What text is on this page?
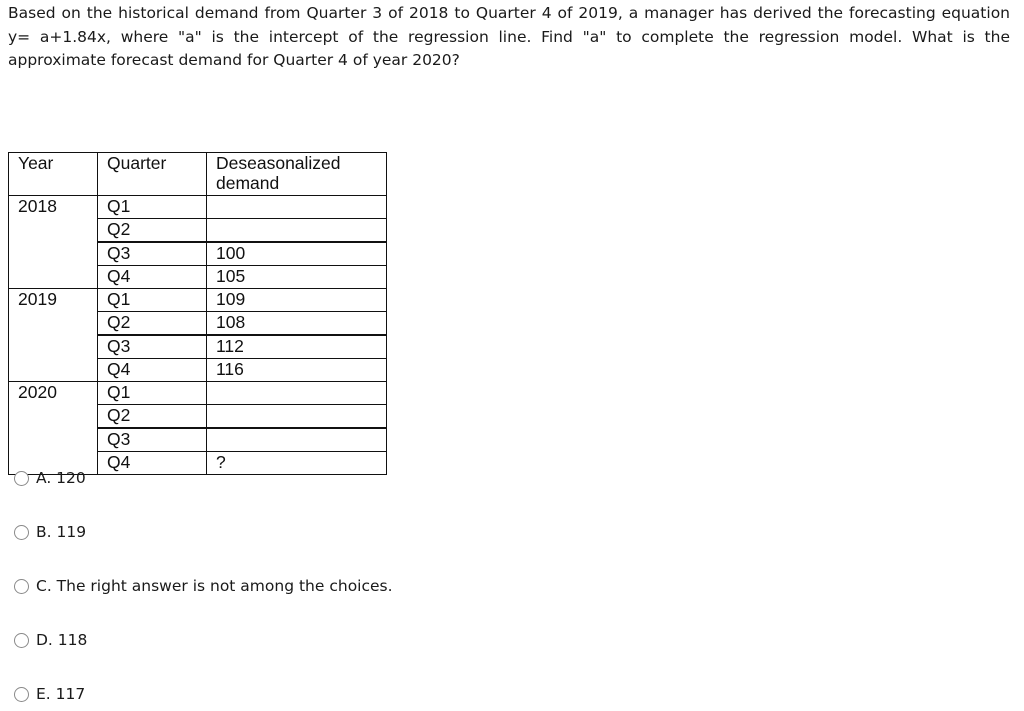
Based on the historical demand from Quarter 3 of 2018 to Quarter 4 of 2019, a manager has derived the forecasting equation y= a+1.84x, where "a" is the intercept of the regression line. Find "a" to complete the regression model. What is the approximate forecast demand for Quarter 4 of year 2020?
Year	Quarter	Deseasonalized demand
2018	Q1	
	Q2	
	Q3	100
	Q4	105
2019	Q1	109
	Q2	108
	Q3	112
	Q4	116
2020	Q1	
	Q2	
	Q3	
	Q4	?
A. 120
B. 119
C. The right answer is not among the choices.
D. 118
E. 117
